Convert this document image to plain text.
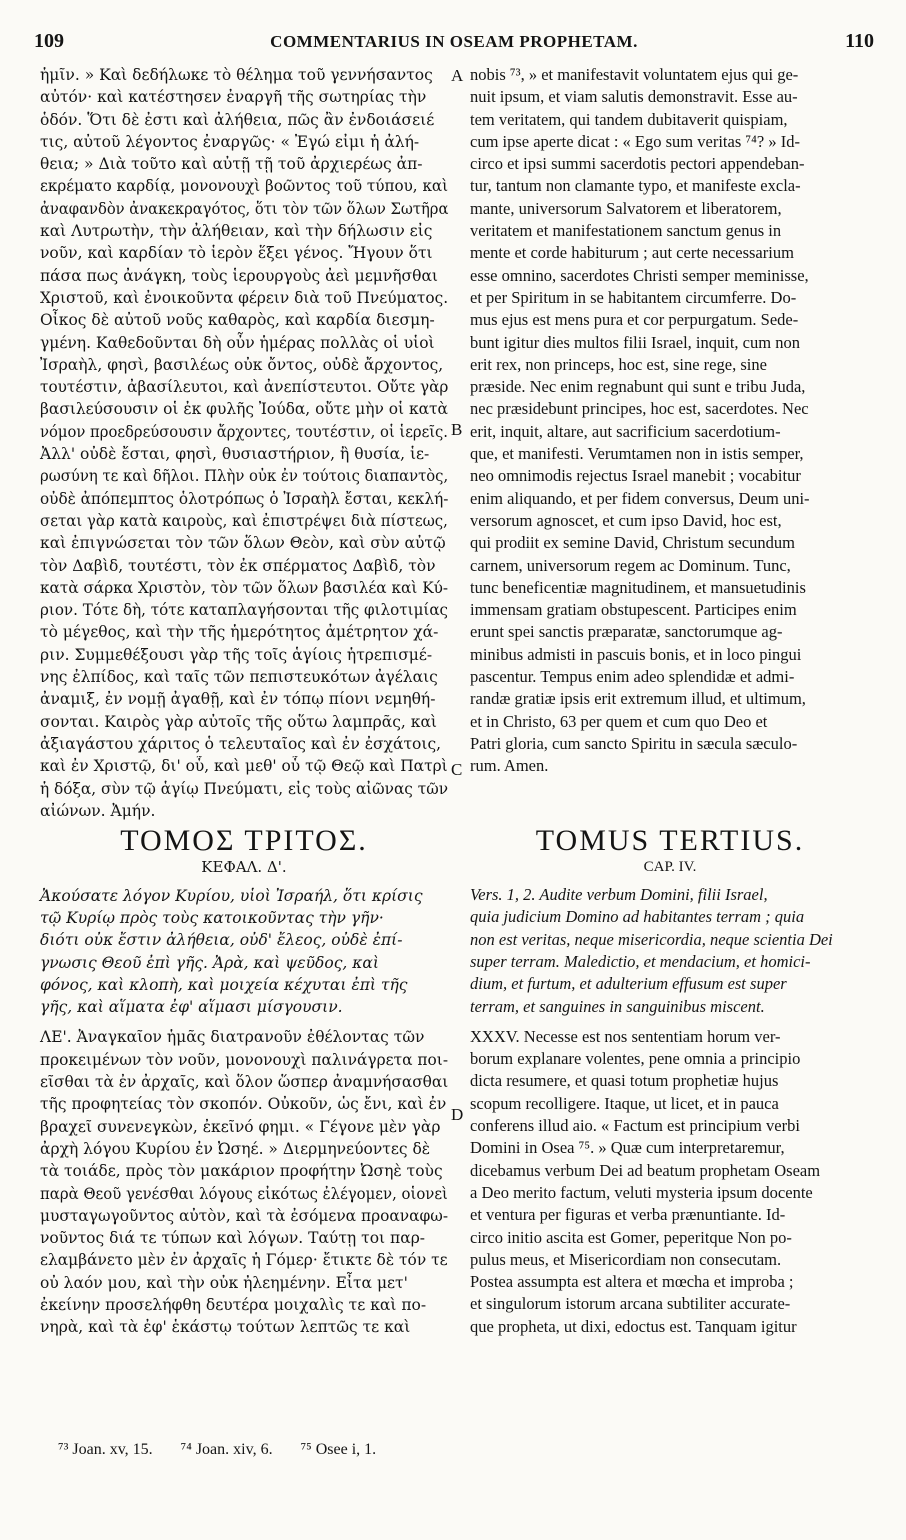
109	COMMENTARIUS IN OSEAM PROPHETAM.	110

ἡμῖν. » Καὶ δεδήλωκε τὸ θέλημα τοῦ γεννήσαντος
αὐτόν· καὶ κατέστησεν ἐναργῆ τῆς σωτηρίας τὴν
ὁδόν. Ὅτι δὲ ἐστι καὶ ἀλήθεια, πῶς ἂν ἐνδοιάσειέ
τις, αὐτοῦ λέγοντος ἐναργῶς· « Ἐγώ εἰμι ἡ ἀλή-
θεια; » Διὰ τοῦτο καὶ αὐτῇ τῇ τοῦ ἀρχιερέως ἀπ-
εκρέματο καρδίᾳ, μονονουχὶ βοῶντος τοῦ τύπου, καὶ
ἀναφανδὸν ἀνακεκραγότος, ὅτι τὸν τῶν ὅλων Σωτῆρα
καὶ Λυτρωτὴν, τὴν ἀλήθειαν, καὶ τὴν δήλωσιν εἰς
νοῦν, καὶ καρδίαν τὸ ἱερὸν ἕξει γένος. Ἤγουν ὅτι
πάσα πως ἀνάγκη, τοὺς ἱερουργοὺς ἀεὶ μεμνῆσθαι
Χριστοῦ, καὶ ἐνοικοῦντα φέρειν διὰ τοῦ Πνεύματος.
Οἶκος δὲ αὐτοῦ νοῦς καθαρὸς, καὶ καρδία διεσμη-
γμένη. Καθεδοῦνται δὴ οὖν ἡμέρας πολλὰς οἱ υἱοὶ
Ἰσραὴλ, φησὶ, βασιλέως οὐκ ὄντος, οὐδὲ ἄρχοντος,
τουτέστιν, ἀβασίλευτοι, καὶ ἀνεπίστευτοι. Οὔτε γὰρ
βασιλεύσουσιν οἱ ἐκ φυλῆς Ἰούδα, οὔτε μὴν οἱ κατὰ
νόμον προεδρεύσουσιν ἄρχοντες, τουτέστιν, οἱ ἱερεῖς.
Ἀλλ' οὐδὲ ἔσται, φησὶ, θυσιαστήριον, ἢ θυσία, ἱε-
ρωσύνη τε καὶ δῆλοι. Πλὴν οὐκ ἐν τούτοις διαπαντὸς,
οὐδὲ ἀπόπεμπτος ὁλοτρόπως ὁ Ἰσραὴλ ἔσται, κεκλή-
σεται γὰρ κατὰ καιροὺς, καὶ ἐπιστρέψει διὰ πίστεως,
καὶ ἐπιγνώσεται τὸν τῶν ὅλων Θεὸν, καὶ σὺν αὐτῷ
τὸν Δαβὶδ, τουτέστι, τὸν ἐκ σπέρματος Δαβὶδ, τὸν
κατὰ σάρκα Χριστὸν, τὸν τῶν ὅλων βασιλέα καὶ Κύ-
ριον. Τότε δὴ, τότε καταπλαγήσονται τῆς φιλοτιμίας
τὸ μέγεθος, καὶ τὴν τῆς ἡμερότητος ἀμέτρητον χά-
ριν. Συμμεθέξουσι γὰρ τῆς τοῖς ἁγίοις ἡτρεπισμέ-
νης ἐλπίδος, καὶ ταῖς τῶν πεπιστευκότων ἀγέλαις
ἀναμιξ, ἐν νομῇ ἀγαθῇ, καὶ ἐν τόπῳ πίονι νεμηθή-
σονται. Καιρὸς γὰρ αὐτοῖς τῆς οὕτω λαμπρᾶς, καὶ
ἀξιαγάστου χάριτος ὁ τελευταῖος καὶ ἐν ἐσχάτοις,
καὶ ἐν Χριστῷ, δι' οὗ, καὶ μεθ' οὗ τῷ Θεῷ καὶ Πατρὶ
ἡ δόξα, σὺν τῷ ἁγίῳ Πνεύματι, εἰς τοὺς αἰῶνας τῶν
αἰώνων. Ἀμήν.

ΤΟΜΟΣ ΤΡΙΤΟΣ.
ΚΕΦΑΛ. Δ'.

Ἀκούσατε λόγον Κυρίου, υἱοὶ Ἰσραήλ, ὅτι κρίσις
τῷ Κυρίῳ πρὸς τοὺς κατοικοῦντας τὴν γῆν·
διότι οὐκ ἔστιν ἀλήθεια, οὐδ' ἔλεος, οὐδὲ ἐπί-
γνωσις Θεοῦ ἐπὶ γῆς. Ἀρὰ, καὶ ψεῦδος, καὶ
φόνος, καὶ κλοπὴ, καὶ μοιχεία κέχυται ἐπὶ τῆς
γῆς, καὶ αἵματα ἐφ' αἵμασι μίσγουσιν.

ΛΕ'. Ἀναγκαῖον ἡμᾶς διατρανοῦν ἐθέλοντας τῶν
προκειμένων τὸν νοῦν, μονονουχὶ παλινάγρετα ποι-
εῖσθαι τὰ ἐν ἀρχαῖς, καὶ ὅλον ὥσπερ ἀναμνήσασθαι
τῆς προφητείας τὸν σκοπόν. Οὐκοῦν, ὡς ἔνι, καὶ ἐν
βραχεῖ συνενεγκὼν, ἐκεῖνό φημι. « Γέγονε μὲν γὰρ
ἀρχὴ λόγου Κυρίου ἐν Ὠσηέ. » Διερμηνεύοντες δὲ
τὰ τοιάδε, πρὸς τὸν μακάριον προφήτην Ὠσηὲ τοὺς
παρὰ Θεοῦ γενέσθαι λόγους εἰκότως ἐλέγομεν, οἱονεὶ
μυσταγωγοῦντος αὐτὸν, καὶ τὰ ἐσόμενα προαναφω-
νοῦντος διά τε τύπων καὶ λόγων. Ταύτῃ τοι παρ-
ελαμβάνετο μὲν ἐν ἀρχαῖς ἡ Γόμερ· ἔτικτε δὲ τόν τε
οὐ λαόν μου, καὶ τὴν οὐκ ἠλεημένην. Εἶτα μετ'
ἐκείνην προσελήφθη δευτέρα μοιχαλὶς τε καὶ πο-
νηρὰ, καὶ τὰ ἐφ' ἑκάστῳ τούτων λεπτῶς τε καὶ

nobis ⁷³, » et manifestavit voluntatem ejus qui ge-
nuit ipsum, et viam salutis demonstravit. Esse au-
tem veritatem, qui tandem dubitaverit quispiam,
cum ipse aperte dicat : « Ego sum veritas ⁷⁴? » Id-
circo et ipsi summi sacerdotis pectori appendeban-
tur, tantum non clamante typo, et manifeste excla-
mante, universorum Salvatorem et liberatorem,
veritatem et manifestationem sanctum genus in
mente et corde habiturum ; aut certe necessarium
esse omnino, sacerdotes Christi semper meminisse,
et per Spiritum in se habitantem circumferre. Do-
mus ejus est mens pura et cor perpurgatum. Sede-
bunt igitur dies multos filii Israel, inquit, cum non
erit rex, non princeps, hoc est, sine rege, sine
præside. Nec enim regnabunt qui sunt e tribu Juda,
nec præsidebunt principes, hoc est, sacerdotes. Nec
erit, inquit, altare, aut sacrificium sacerdotium-
que, et manifesti. Verumtamen non in istis semper,
neo omnimodis rejectus Israel manebit ; vocabitur
enim aliquando, et per fidem conversus, Deum uni-
versorum agnoscet, et cum ipso David, hoc est,
qui prodiit ex semine David, Christum secundum
carnem, universorum regem ac Dominum. Tunc,
tunc beneficentiæ magnitudinem, et mansuetudinis
immensam gratiam obstupescent. Participes enim
erunt spei sanctis præparatæ, sanctorumque ag-
minibus admisti in pascuis bonis, et in loco pingui
pascentur. Tempus enim adeo splendidæ et admi-
randæ gratiæ ipsis erit extremum illud, et ultimum,
et in Christo, 63 per quem et cum quo Deo et
Patri gloria, cum sancto Spiritu in sæcula sæculo-
rum. Amen.

TOMUS TERTIUS.
CAP. IV.

Vers. 1, 2. Audite verbum Domini, filii Israel,
quia judicium Domino ad habitantes terram ; quia
non est veritas, neque misericordia, neque scientia Dei
super terram. Maledictio, et mendacium, et homici-
dium, et furtum, et adulterium effusum est super
terram, et sanguines in sanguinibus miscent.

XXXV. Necesse est nos sententiam horum ver-
borum explanare volentes, pene omnia a principio
dicta resumere, et quasi totum prophetiæ hujus
scopum recolligere. Itaque, ut licet, et in pauca
conferens illud aio. « Factum est principium verbi
Domini in Osea ⁷⁵. » Quæ cum interpretaremur,
dicebamus verbum Dei ad beatum prophetam Oseam
a Deo merito factum, veluti mysteria ipsum docente
et ventura per figuras et verba prænuntiante. Id-
circo initio ascita est Gomer, peperitque Non po-
pulus meus, et Misericordiam non consecutam.
Postea assumpta est altera et mœcha et improba ;
et singulorum istorum arcana subtiliter accurate-
que propheta, ut dixi, edoctus est. Tanquam igitur

A
B
C
D
⁷³ Joan. xv, 15. ⁷⁴ Joan. xiv, 6. ⁷⁵ Osee i, 1.
